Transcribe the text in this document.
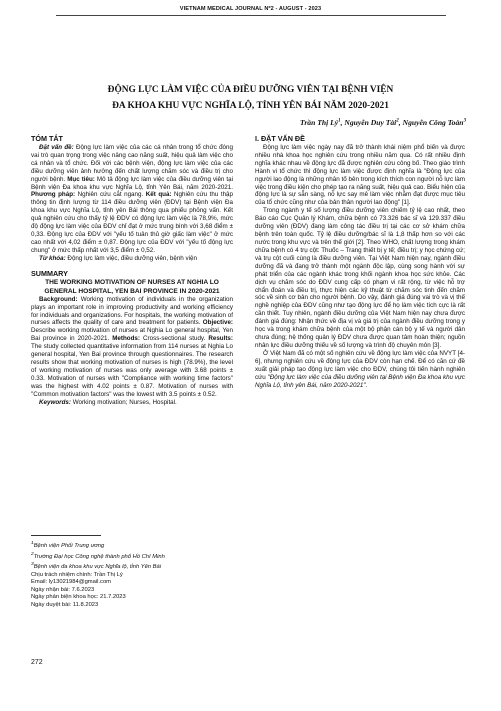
VIETNAM MEDICAL JOURNAL Nº2 - AUGUST - 2023
ĐỘNG LỰC LÀM VIỆC CỦA ĐIỀU DƯỠNG VIÊN TẠI BỆNH VIỆN
ĐA KHOA KHU VỰC NGHĨA LỘ, TỈNH YÊN BÁI NĂM 2020-2021
Trần Thị $Lý^1$, Nguyễn Duy Tài$^2$, Nguyễn Công Toàn$^3$

TÓM TẮT

Đặt vấn đề: Động lực làm việc của các cá nhân trong tổ chức đóng vai trò quan trọng trong việc nâng cao năng suất, hiệu quả làm việc cho cá nhân và tổ chức. Đối với các bệnh viện, động lực làm việc của các điều dưỡng viên ảnh hưởng đến chất lượng chăm sóc và điều trị cho người bệnh. Mục tiêu: Mô tả động lực làm việc của điều dưỡng viên tại Bệnh viện Đa khoa khu vực Nghĩa Lộ, tỉnh Yên Bái, năm 2020-2021. Phương pháp: Nghiên cứu cắt ngang. Kết quả: Nghiên cứu thu thập thông tin định lượng từ 114 điều dưỡng viên (ĐDV) tại Bệnh viện Đa khoa khu vực Nghĩa Lộ, tỉnh yên Bái thông qua phiếu phỏng vấn. Kết quả nghiên cứu cho thấy tỷ lệ ĐDV có động lực làm việc là 78,9%, mức độ động lực làm việc của ĐDV chỉ đạt ở mức trung bình với 3,68 điểm ± 0,33. Động lực của ĐDV với "yếu tố tuân thủ giờ giấc làm việc" ở mức cao nhất với 4,02 điểm ± 0,87. Động lực của ĐDV với "yếu tố động lực chung" ở mức thấp nhất với 3,5 điểm ± 0,52.

Từ khóa: Động lực làm việc, điều dưỡng viên, bệnh viện

SUMMARY

THE WORKING MOTIVATION OF NURSES AT NGHIA LO GENERAL HOSPITAL, YEN BAI PROVINCE IN 2020-2021

Background: Working motivation of individuals in the organization plays an important role in improving productivity and working efficiency for individuals and organizations. For hospitals, the working motivation of nurses affects the quality of care and treatment for patients. Objective: Describe working motivation of nurses at Nghia Lo general hospital, Yen Bai province in 2020-2021. Methods: Cross-sectional study. Results: The study collected quantitative information from 114 nurses at Nghia Lo general hospital, Yen Bai province through questionnaires. The research results show that working motivation of nurses is high (78.9%), the level of working motivation of nurses was only average with 3.68 points ± 0.33. Motivation of nurses with "Compliance with working time factors" was the highest with 4.02 points ± 0.87. Motivation of nurses with "Common motivation factors" was the lowest with 3.5 points ± 0.52.

Keywords: Working motivation; Nurses, Hospital.

$^1$Bệnh viện Phổi Trung ương
$^2$Trường Đại học Công nghệ thành phố Hồ Chí Minh
$^3$Bệnh viện đa khoa khu vực Nghĩa lộ, tỉnh Yên Bái
Chịu trách nhiệm chính: Trần Thị Lý
Email: ly13021984@gmail.com
Ngày nhận bài: 7.6.2023
Ngày phản biện khoa học: 21.7.2023
Ngày duyệt bài: 11.8.2023
272

I. ĐẶT VẤN ĐỀ

Động lực làm việc ngày nay đã trở thành khái niệm phổ biến và được nhiều nhà khoa học nghiên cứu trong nhiều năm qua. Có rất nhiều định nghĩa khác nhau về động lực đã được nghiên cứu công bố. Theo giáo trình Hành vi tổ chức thì động lực làm việc được định nghĩa là "Động lực của người lao động là những nhân tố bên trong kích thích con người nỗ lực làm việc trong điều kiện cho phép tạo ra năng suất, hiệu quả cao. Biểu hiện của động lực là sự sẵn sàng, nỗ lực say mê làm việc nhằm đạt được mục tiêu của tổ chức cũng như của bản thân người lao động" [1].

Trong ngành y tế số lượng điều dưỡng viên chiếm tỷ lệ cao nhất, theo Báo cáo Cục Quản lý Khám, chữa bệnh có 73.326 bác sĩ và 129.337 điều dưỡng viên (ĐDV) đang làm công tác điều trị tại các cơ sở khám chữa bệnh trên toàn quốc. Tỷ lệ điều dưỡng/bác sĩ là 1,8 thấp hơn so với các nước trong khu vực và trên thế giới [2]. Theo WHO, chất lượng trong khám chữa bệnh có 4 trụ cột: Thuốc – Trang thiết bị y tế; điều trị; y học chứng cứ; và trụ cột cuối cùng là điều dưỡng viên. Tại Việt Nam hiện nay, ngành điều dưỡng đã và đang trở thành một ngành độc lập, cùng song hành với sự phát triển của các ngành khác trong khối ngành khoa học sức khỏe. Các dịch vụ chăm sóc do ĐDV cung cấp có phạm vi rất rộng, từ việc hỗ trợ chẩn đoán và điều trị, thực hiện các kỹ thuật từ chăm sóc tinh đến chăm sóc về sinh cơ bản cho người bệnh. Do vậy, đánh giá đúng vai trò và vị thế nghề nghiệp của ĐDV cũng như tạo động lực để họ làm việc tích cực là rất cần thiết. Tuy nhiên, ngành điều dưỡng của Việt Nam hiện nay chưa được đánh giá đúng: Nhận thức về địa vị và giá trị của ngành điều dưỡng trong y học và trong khám chữa bệnh của một bộ phận cán bộ y tế và người dân chưa đúng; hệ thống quản lý ĐDV chưa được quan tâm hoàn thiện; nguồn nhân lực điều dưỡng thiếu về số lượng và trình độ chuyên môn [3].

Ở Việt Nam đã có một số nghiên cứu về động lực làm việc của NVYT [4-6], nhưng nghiên cứu về động lực của ĐDV còn hạn chế. Để có căn cứ đề xuất giải pháp tạo động lực làm việc cho ĐDV, chúng tôi tiến hành nghiên cứu "Động lực làm việc của điều dưỡng viên tại Bệnh viện Đa khoa khu vực Nghĩa Lộ, tỉnh yên Bái, năm 2020-2021".
